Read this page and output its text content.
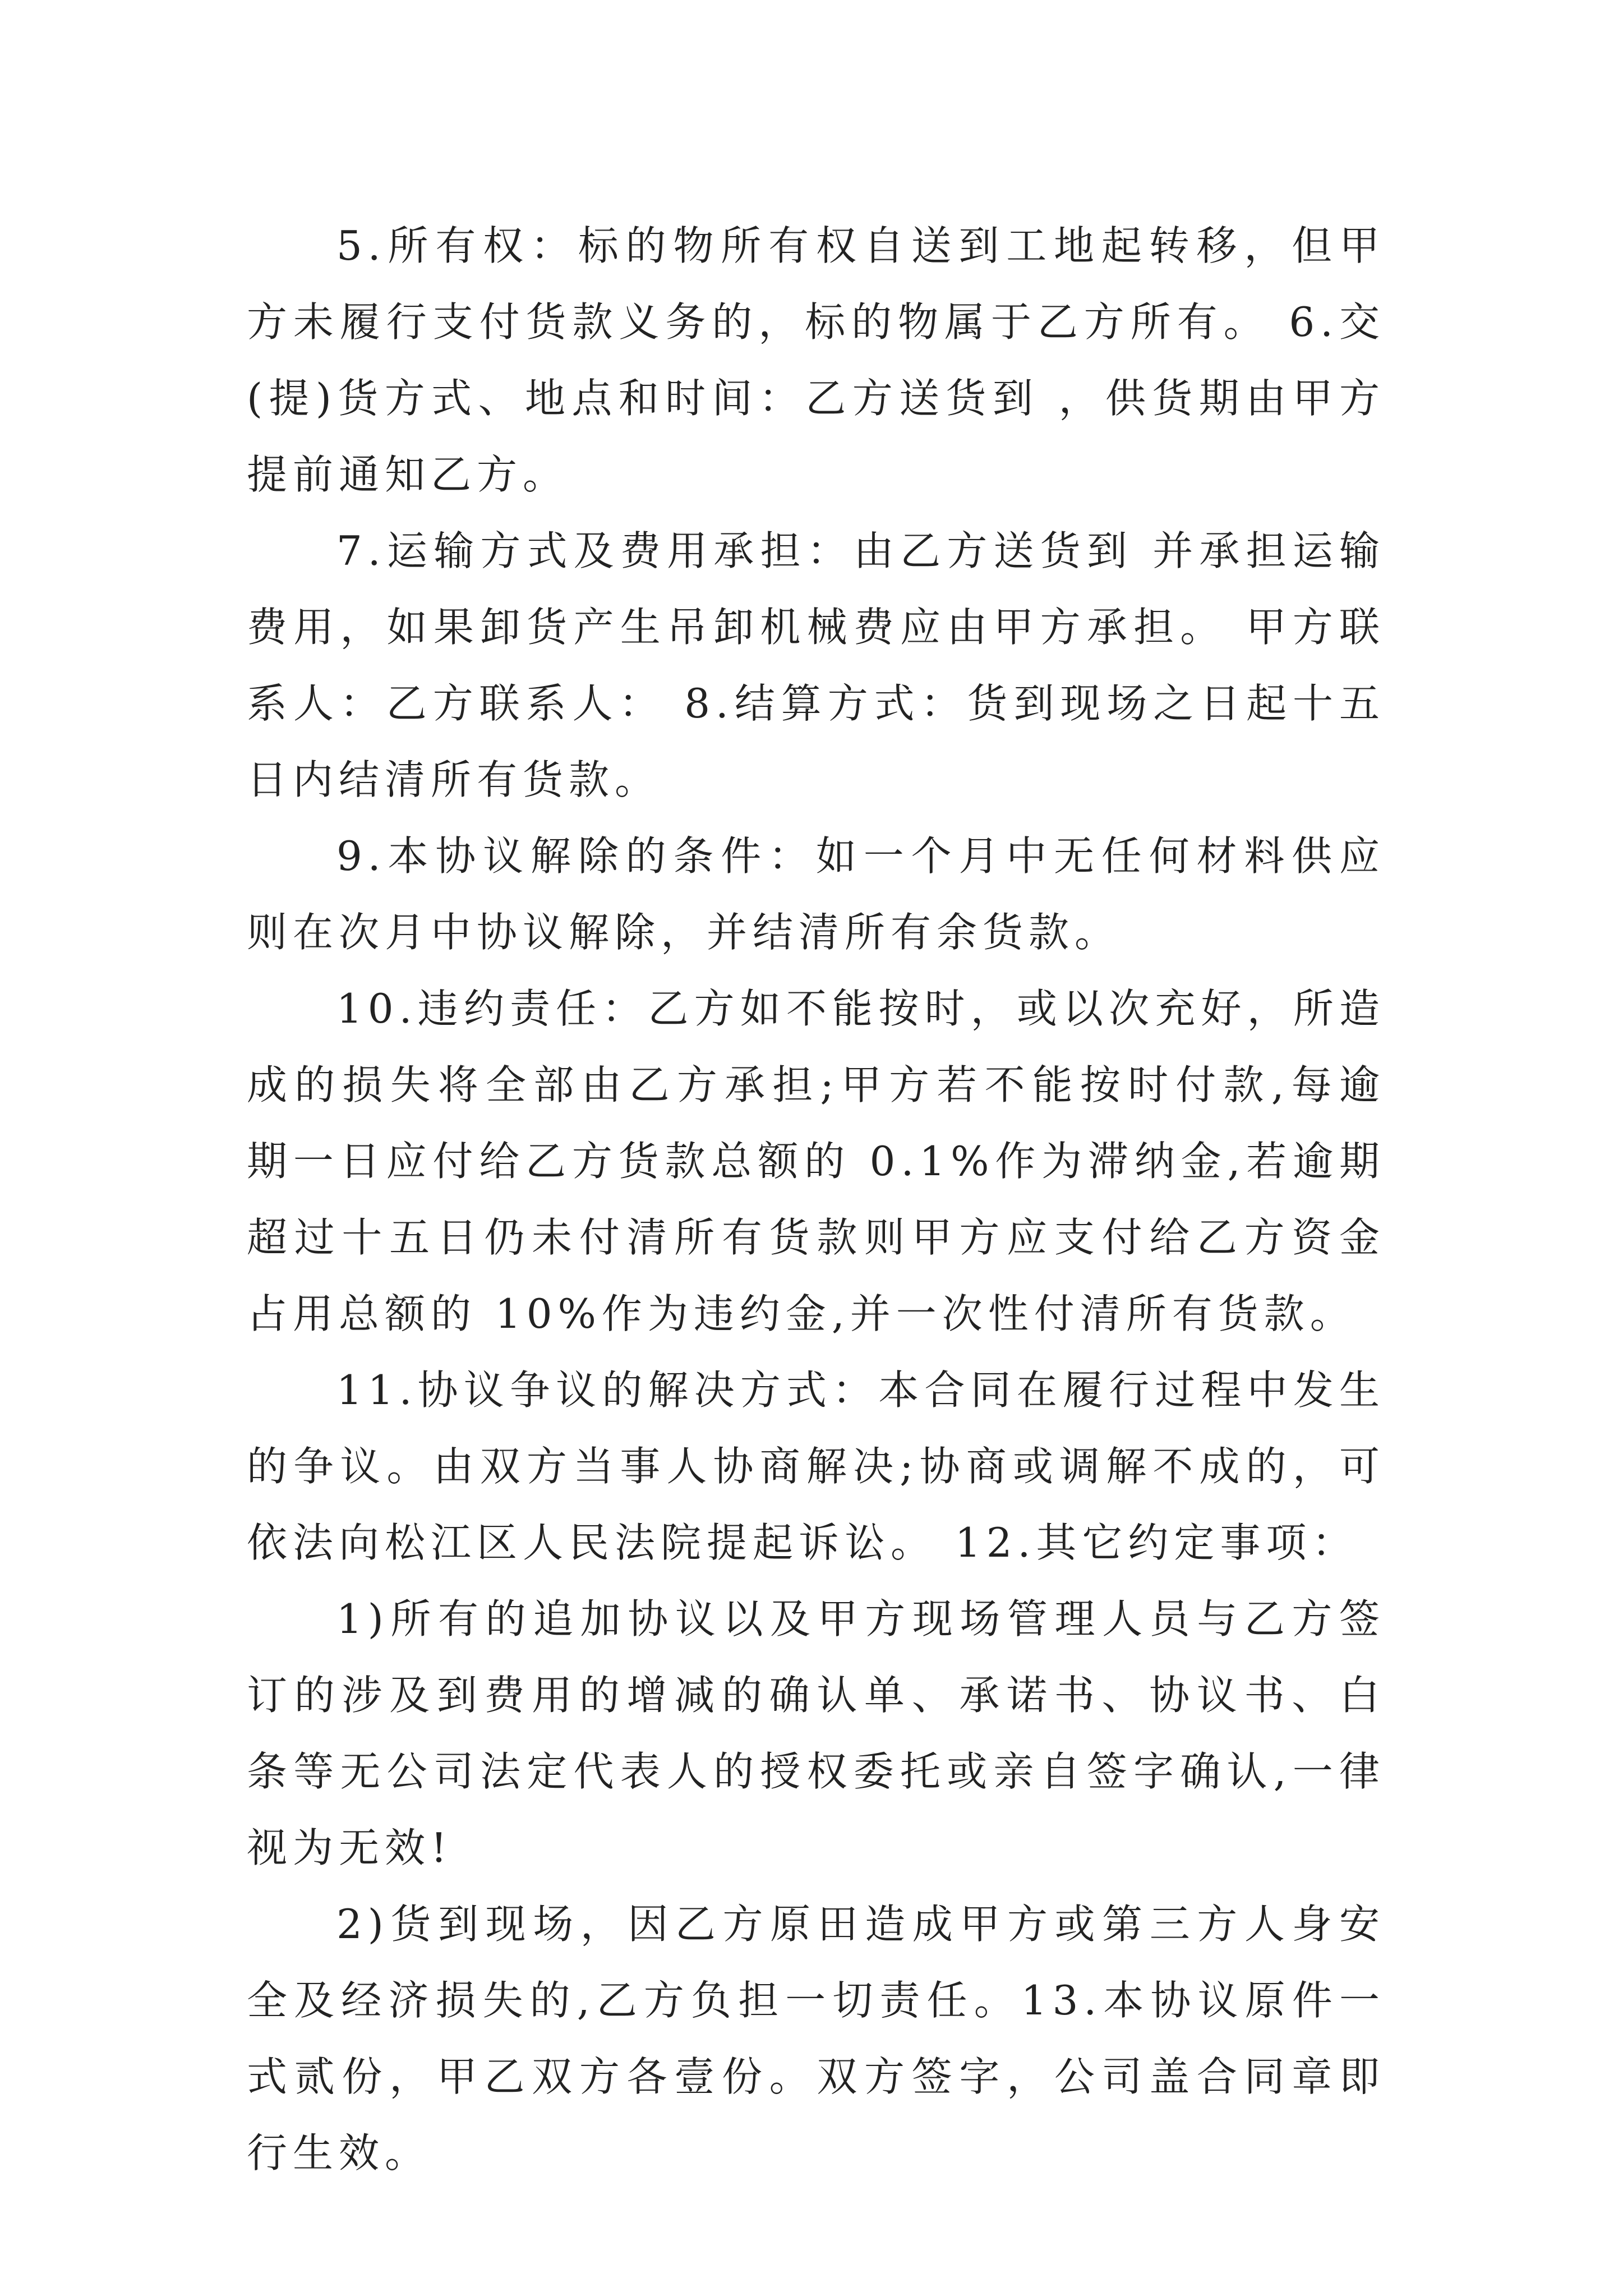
5.所有权：标的物所有权自送到工地起转移，但甲方未履行支付货款义务的，标的物属于乙方所有。 6.交(提)货方式、地点和时间：乙方送货到 ，供货期由甲方提前通知乙方。

7.运输方式及费用承担：由乙方送货到 并承担运输费用，如果卸货产生吊卸机械费应由甲方承担。 甲方联系人：乙方联系人： 8.结算方式：货到现场之日起十五日内结清所有货款。

9.本协议解除的条件：如一个月中无任何材料供应则在次月中协议解除，并结清所有余货款。

10.违约责任：乙方如不能按时，或以次充好，所造成的损失将全部由乙方承担;甲方若不能按时付款,每逾期一日应付给乙方货款总额的 0.1%作为滞纳金,若逾期超过十五日仍未付清所有货款则甲方应支付给乙方资金占用总额的 10%作为违约金,并一次性付清所有货款。

11.协议争议的解决方式：本合同在履行过程中发生的争议。由双方当事人协商解决;协商或调解不成的，可依法向松江区人民法院提起诉讼。 12.其它约定事项：

1)所有的追加协议以及甲方现场管理人员与乙方签订的涉及到费用的增减的确认单、承诺书、协议书、白条等无公司法定代表人的授权委托或亲自签字确认,一律视为无效!

2)货到现场，因乙方原田造成甲方或第三方人身安全及经济损失的,乙方负担一切责任。13.本协议原件一式贰份，甲乙双方各壹份。双方签字，公司盖合同章即行生效。
